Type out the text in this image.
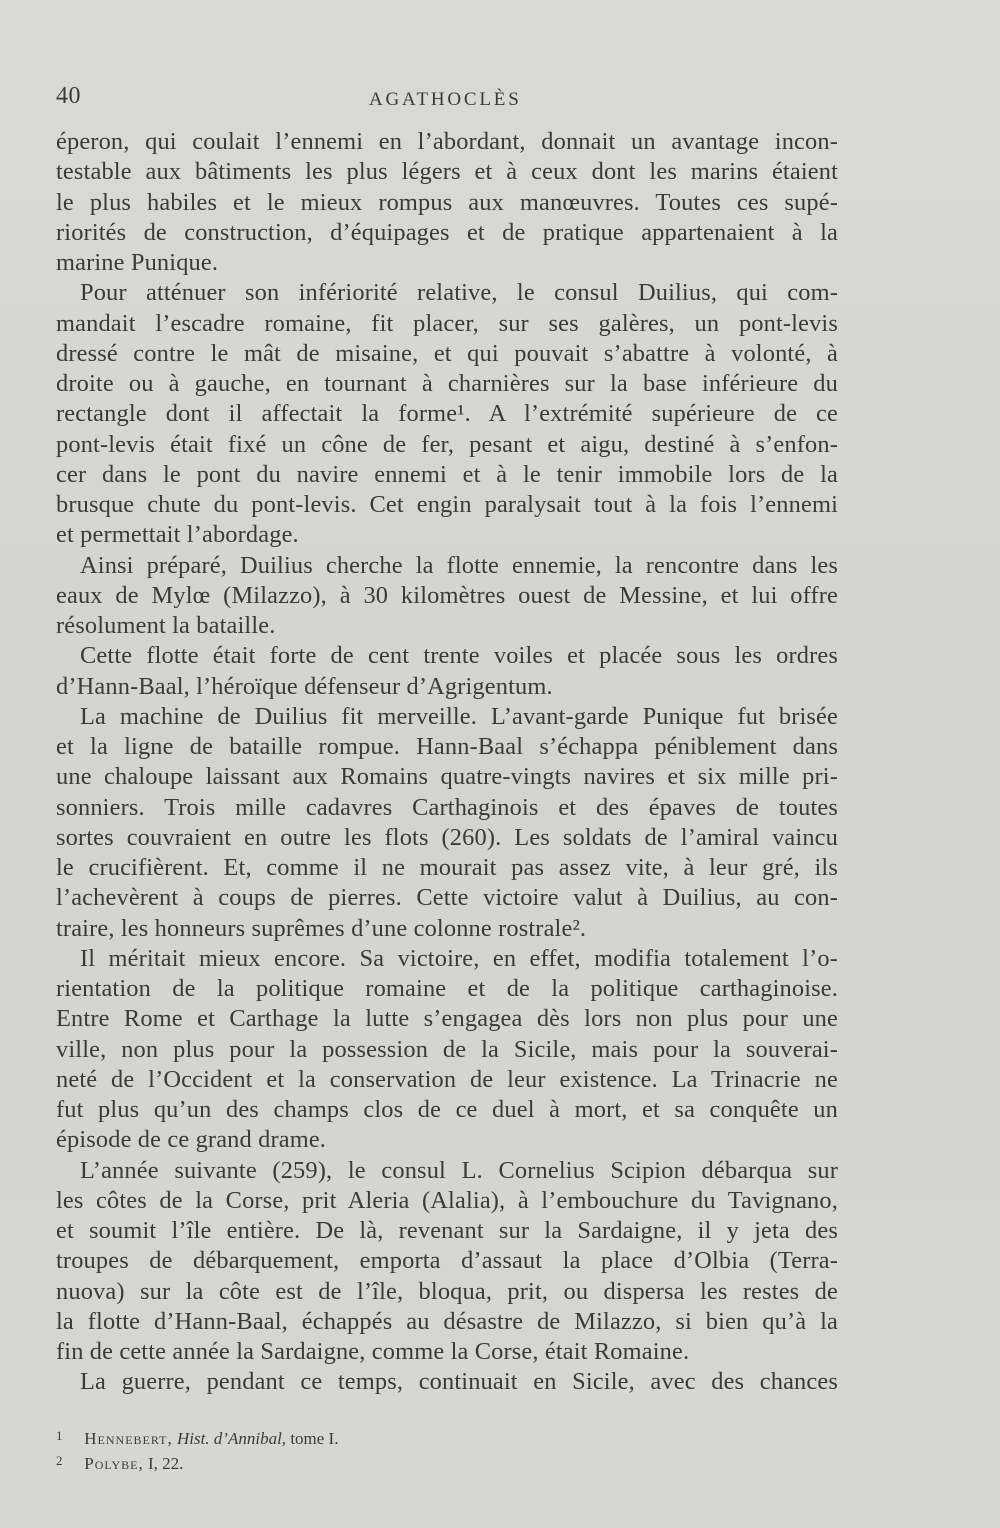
40	AGATHOCLÈS
éperon, qui coulait l’ennemi en l’abordant, donnait un avantage incon-
testable aux bâtiments les plus légers et à ceux dont les marins étaient
le plus habiles et le mieux rompus aux manœuvres. Toutes ces supé-
riorités de construction, d’équipages et de pratique appartenaient à la
marine Punique.
Pour atténuer son infériorité relative, le consul Duilius, qui com-
mandait l’escadre romaine, fit placer, sur ses galères, un pont-levis
dressé contre le mât de misaine, et qui pouvait s’abattre à volonté, à
droite ou à gauche, en tournant à charnières sur la base inférieure du
rectangle dont il affectait la forme¹. A l’extrémité supérieure de ce
pont-levis était fixé un cône de fer, pesant et aigu, destiné à s’enfon-
cer dans le pont du navire ennemi et à le tenir immobile lors de la
brusque chute du pont-levis. Cet engin paralysait tout à la fois l’ennemi
et permettait l’abordage.
Ainsi préparé, Duilius cherche la flotte ennemie, la rencontre dans les
eaux de Mylœ (Milazzo), à 30 kilomètres ouest de Messine, et lui offre
résolument la bataille.
Cette flotte était forte de cent trente voiles et placée sous les ordres
d’Hann-Baal, l’héroïque défenseur d’Agrigentum.
La machine de Duilius fit merveille. L’avant-garde Punique fut brisée
et la ligne de bataille rompue. Hann-Baal s’échappa péniblement dans
une chaloupe laissant aux Romains quatre-vingts navires et six mille pri-
sonniers. Trois mille cadavres Carthaginois et des épaves de toutes
sortes couvraient en outre les flots (260). Les soldats de l’amiral vaincu
le crucifièrent. Et, comme il ne mourait pas assez vite, à leur gré, ils
l’achevèrent à coups de pierres. Cette victoire valut à Duilius, au con-
traire, les honneurs suprêmes d’une colonne rostrale².
Il méritait mieux encore. Sa victoire, en effet, modifia totalement l’o-
rientation de la politique romaine et de la politique carthaginoise.
Entre Rome et Carthage la lutte s’engagea dès lors non plus pour une
ville, non plus pour la possession de la Sicile, mais pour la souverai-
neté de l’Occident et la conservation de leur existence. La Trinacrie ne
fut plus qu’un des champs clos de ce duel à mort, et sa conquête un
épisode de ce grand drame.
L’année suivante (259), le consul L. Cornelius Scipion débarqua sur
les côtes de la Corse, prit Aleria (Alalia), à l’embouchure du Tavignano,
et soumit l’île entière. De là, revenant sur la Sardaigne, il y jeta des
troupes de débarquement, emporta d’assaut la place d’Olbia (Terra-
nuova) sur la côte est de l’île, bloqua, prit, ou dispersa les restes de
la flotte d’Hann-Baal, échappés au désastre de Milazzo, si bien qu’à la
fin de cette année la Sardaigne, comme la Corse, était Romaine.
La guerre, pendant ce temps, continuait en Sicile, avec des chances
1 Hennebert, Hist. d’Annibal, tome I.
2 Polybe, I, 22.
